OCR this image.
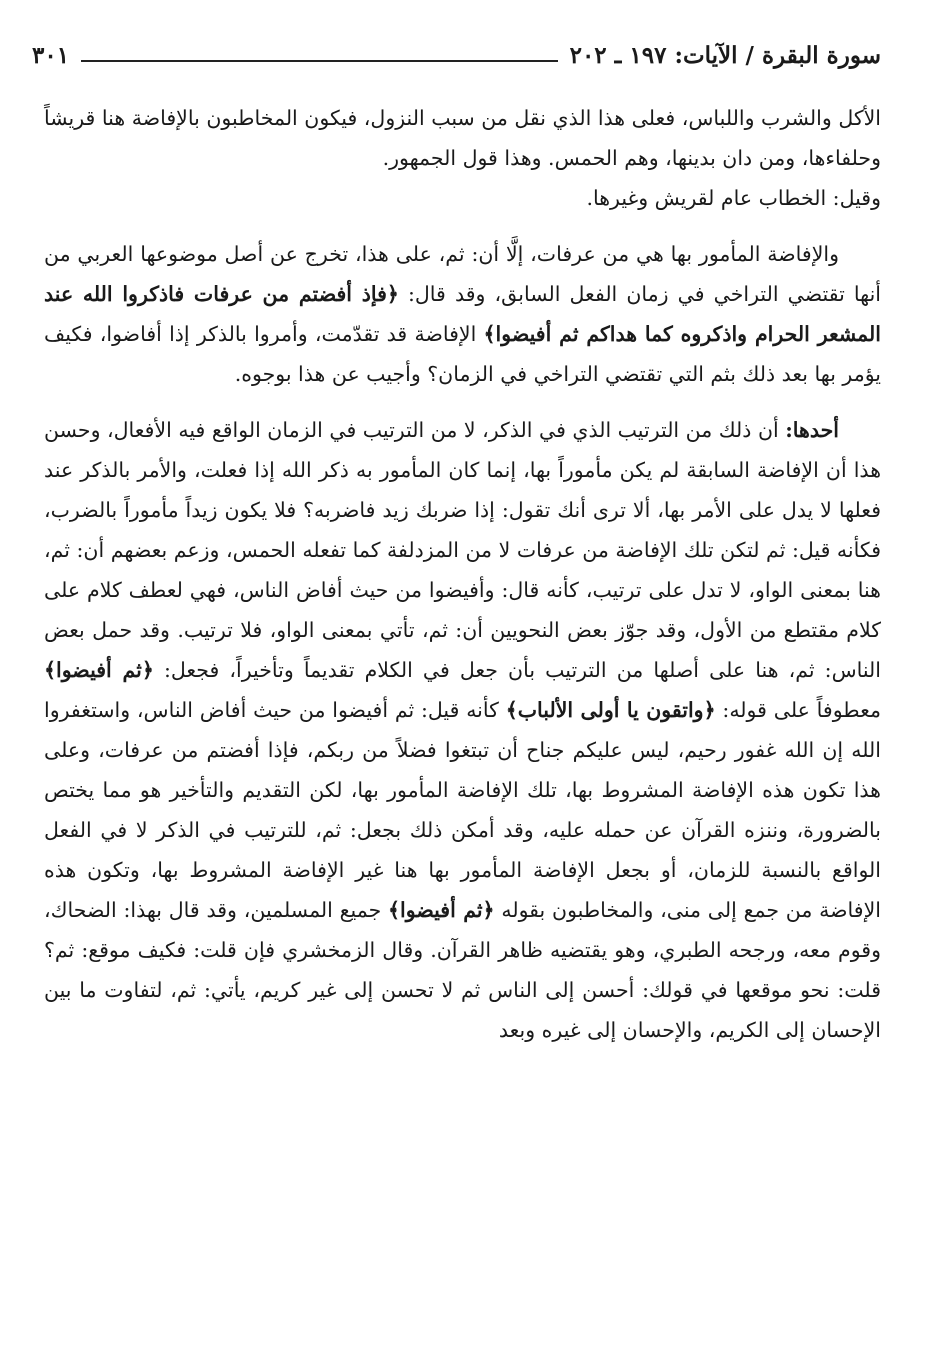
سورة البقرة / الآيات: ١٩٧ ـ ٢٠٢
٣٠١

الأكل والشرب واللباس، فعلى هذا الذي نقل من سبب النزول، فيكون المخاطبون بالإفاضة هنا قريشاً وحلفاءها، ومن دان بدينها، وهم الحمس. وهذا قول الجمهور.

وقيل: الخطاب عام لقريش وغيرها.

والإفاضة المأمور بها هي من عرفات، إلَّا أن: ثم، على هذا، تخرج عن أصل موضوعها العربي من أنها تقتضي التراخي في زمان الفعل السابق، وقد قال: ﴿فإذ أفضتم من عرفات فاذكروا الله عند المشعر الحرام واذكروه كما هداكم ثم أفيضوا﴾ الإفاضة قد تقدّمت، وأمروا بالذكر إذا أفاضوا، فكيف يؤمر بها بعد ذلك بثم التي تقتضي التراخي في الزمان؟ وأجيب عن هذا بوجوه.

أحدها: أن ذلك من الترتيب الذي في الذكر، لا من الترتيب في الزمان الواقع فيه الأفعال، وحسن هذا أن الإفاضة السابقة لم يكن مأموراً بها، إنما كان المأمور به ذكر الله إذا فعلت، والأمر بالذكر عند فعلها لا يدل على الأمر بها، ألا ترى أنك تقول: إذا ضربك زيد فاضربه؟ فلا يكون زيداً مأموراً بالضرب، فكأنه قيل: ثم لتكن تلك الإفاضة من عرفات لا من المزدلفة كما تفعله الحمس، وزعم بعضهم أن: ثم، هنا بمعنى الواو، لا تدل على ترتيب، كأنه قال: وأفيضوا من حيث أفاض الناس، فهي لعطف كلام على كلام مقتطع من الأول، وقد جوّز بعض النحويين أن: ثم، تأتي بمعنى الواو، فلا ترتيب. وقد حمل بعض الناس: ثم، هنا على أصلها من الترتيب بأن جعل في الكلام تقديماً وتأخيراً، فجعل: ﴿ثم أفيضوا﴾ معطوفاً على قوله: ﴿واتقون يا أولى الألباب﴾ كأنه قيل: ثم أفيضوا من حيث أفاض الناس، واستغفروا الله إن الله غفور رحيم، ليس عليكم جناح أن تبتغوا فضلاً من ربكم، فإذا أفضتم من عرفات، وعلى هذا تكون هذه الإفاضة المشروط بها، تلك الإفاضة المأمور بها، لكن التقديم والتأخير هو مما يختص بالضرورة، وننزه القرآن عن حمله عليه، وقد أمكن ذلك بجعل: ثم، للترتيب في الذكر لا في الفعل الواقع بالنسبة للزمان، أو بجعل الإفاضة المأمور بها هنا غير الإفاضة المشروط بها، وتكون هذه الإفاضة من جمع إلى منى، والمخاطبون بقوله ﴿ثم أفيضوا﴾ جميع المسلمين، وقد قال بهذا: الضحاك، وقوم معه، ورجحه الطبري، وهو يقتضيه ظاهر القرآن. وقال الزمخشري فإن قلت: فكيف موقع: ثم؟ قلت: نحو موقعها في قولك: أحسن إلى الناس ثم لا تحسن إلى غير كريم، يأتي: ثم، لتفاوت ما بين الإحسان إلى الكريم، والإحسان إلى غيره وبعد
